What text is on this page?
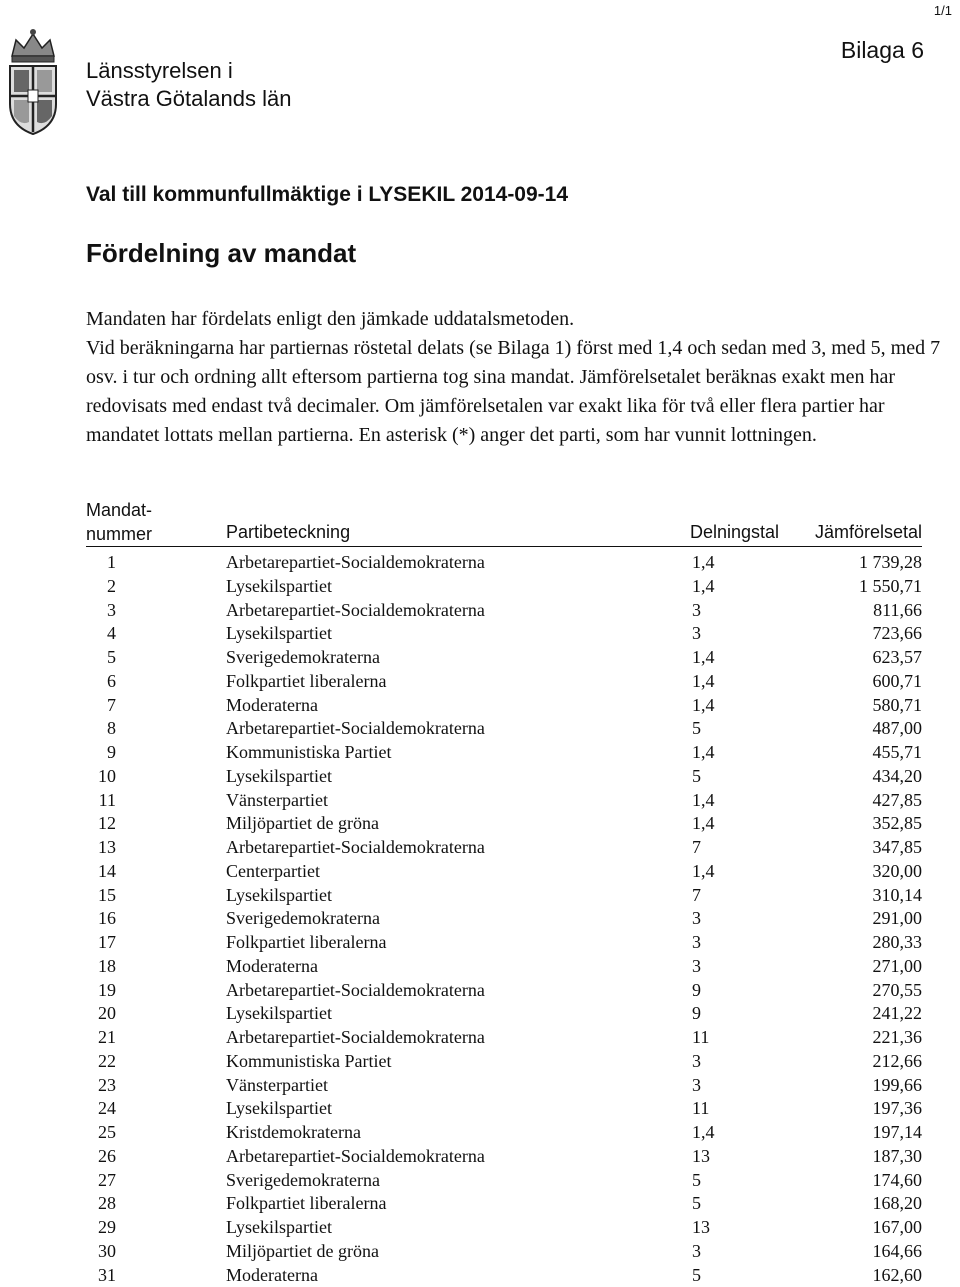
1/1
Länsstyrelsen i
Västra Götalands län
Bilaga 6
Val till kommunfullmäktige i LYSEKIL 2014-09-14
Fördelning av mandat

Mandaten har fördelats enligt den jämkade uddatalsmetoden.

Vid beräkningarna har partiernas röstetal delats (se Bilaga 1) först med 1,4 och sedan med 3, med 5, med 7 osv. i tur och ordning allt eftersom partierna tog sina mandat. Jämförelsetalet beräknas exakt men har redovisats med endast två decimaler. Om jämförelsetalen var exakt lika för två eller flera partier har mandatet lottats mellan partierna. En asterisk (*) anger det parti, som har vunnit lottningen.

Mandat-
nummer	Partibeteckning	Delningstal Jämförelsetal
1	Arbetarepartiet-Socialdemokraterna	1,4	1 739,28
2	Lysekilspartiet	1,4	1 550,71
3	Arbetarepartiet-Socialdemokraterna	3	811,66
4	Lysekilspartiet	3	723,66
5	Sverigedemokraterna	1,4	623,57
6	Folkpartiet liberalerna	1,4	600,71
7	Moderaterna	1,4	580,71
8	Arbetarepartiet-Socialdemokraterna	5	487,00
9	Kommunistiska Partiet	1,4	455,71
10	Lysekilspartiet	5	434,20
11	Vänsterpartiet	1,4	427,85
12	Miljöpartiet de gröna	1,4	352,85
13	Arbetarepartiet-Socialdemokraterna	7	347,85
14	Centerpartiet	1,4	320,00
15	Lysekilspartiet	7	310,14
16	Sverigedemokraterna	3	291,00
17	Folkpartiet liberalerna	3	280,33
18	Moderaterna	3	271,00
19	Arbetarepartiet-Socialdemokraterna	9	270,55
20	Lysekilspartiet	9	241,22
21	Arbetarepartiet-Socialdemokraterna	11	221,36
22	Kommunistiska Partiet	3	212,66
23	Vänsterpartiet	3	199,66
24	Lysekilspartiet	11	197,36
25	Kristdemokraterna	1,4	197,14
26	Arbetarepartiet-Socialdemokraterna	13	187,30
27	Sverigedemokraterna	5	174,60
28	Folkpartiet liberalerna	5	168,20
29	Lysekilspartiet	13	167,00
30	Miljöpartiet de gröna	3	164,66
31	Moderaterna	5	162,60
